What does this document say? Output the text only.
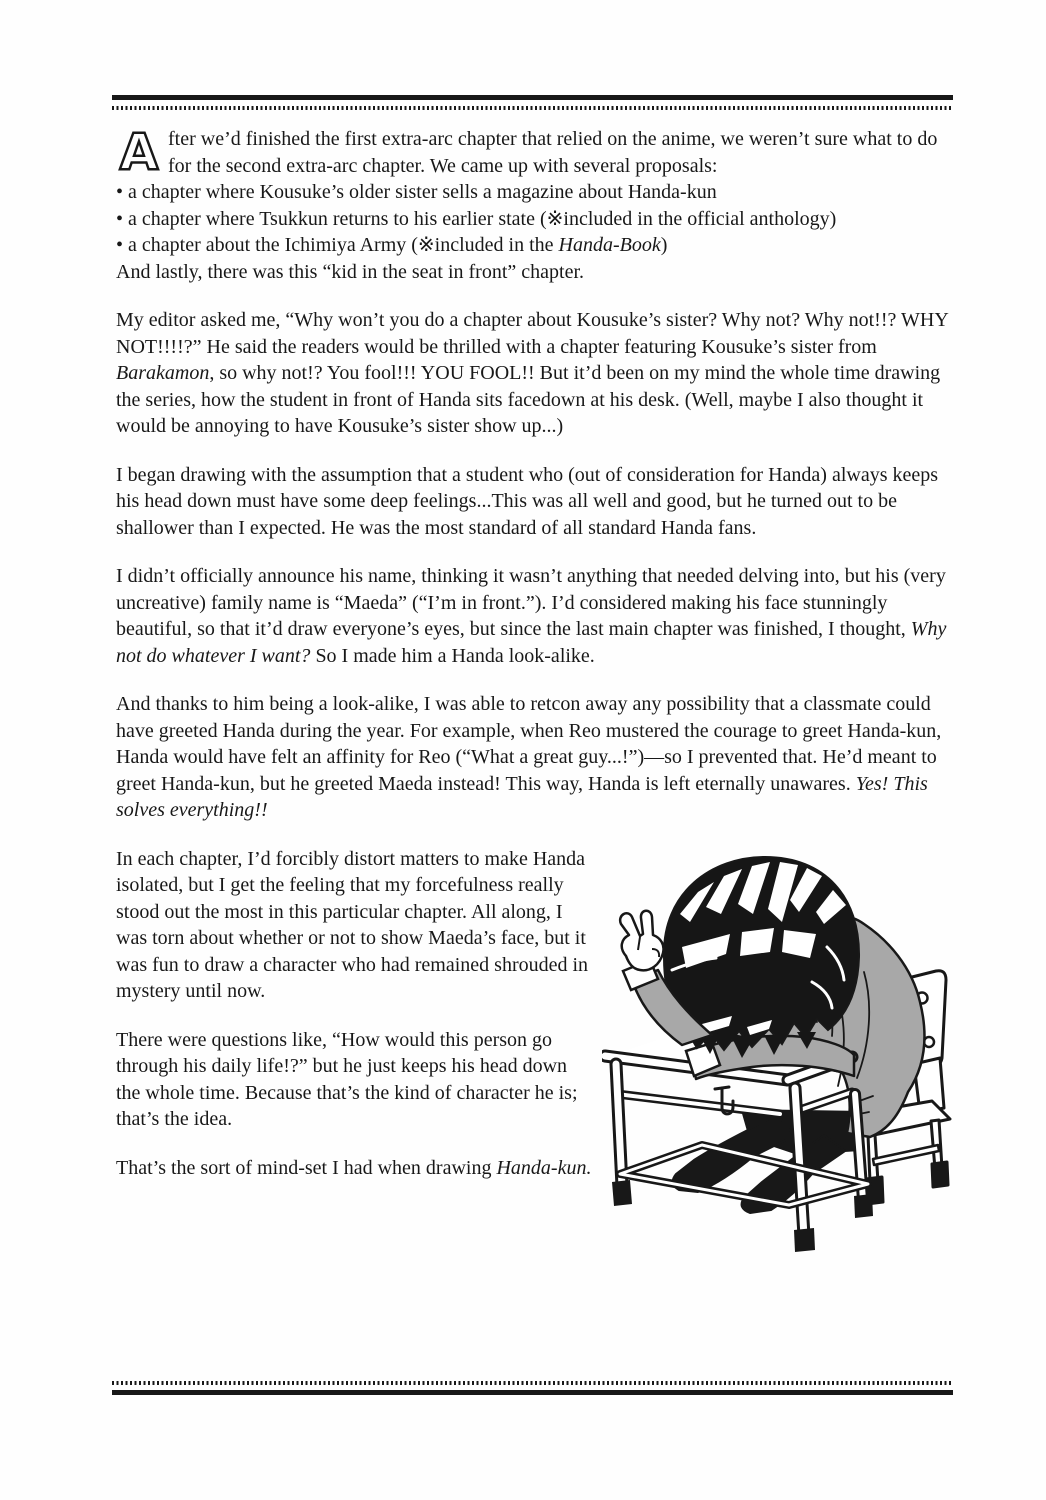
After we’d finished the first extra-arc chapter that relied on the anime, we weren’t sure what to do for the second extra-arc chapter. We came up with several proposals:

• a chapter where Kousuke’s older sister sells a magazine about Handa-kun
• a chapter where Tsukkun returns to his earlier state (※included in the official anthology)
• a chapter about the Ichimiya Army (※included in the Handa-Book)

And lastly, there was this “kid in the seat in front” chapter.

My editor asked me, “Why won’t you do a chapter about Kousuke’s sister? Why not? Why not!!? WHY NOT!!!!?” He said the readers would be thrilled with a chapter featuring Kousuke’s sister from Barakamon, so why not!? You fool!!! YOU FOOL!! But it’d been on my mind the whole time drawing the series, how the student in front of Handa sits facedown at his desk. (Well, maybe I also thought it would be annoying to have Kousuke’s sister show up...)

I began drawing with the assumption that a student who (out of consideration for Handa) always keeps his head down must have some deep feelings...This was all well and good, but he turned out to be shallower than I expected. He was the most standard of all standard Handa fans.

I didn’t officially announce his name, thinking it wasn’t anything that needed delving into, but his (very uncreative) family name is “Maeda” (“I’m in front.”). I’d considered making his face stunningly beautiful, so that it’d draw everyone’s eyes, but since the last main chapter was finished, I thought, Why not do whatever I want? So I made him a Handa look-alike.

And thanks to him being a look-alike, I was able to retcon away any possibility that a classmate could have greeted Handa during the year. For example, when Reo mustered the courage to greet Handa-kun, Handa would have felt an affinity for Reo (“What a great guy...!”)—so I prevented that. He’d meant to greet Handa-kun, but he greeted Maeda instead! This way, Handa is left eternally unawares. Yes! This solves everything!!

In each chapter, I’d forcibly distort matters to make Handa isolated, but I get the feeling that my forcefulness really stood out the most in this particular chapter. All along, I was torn about whether or not to show Maeda’s face, but it was fun to draw a character who had remained shrouded in mystery until now.

There were questions like, “How would this person go through his daily life!?” but he just keeps his head down the whole time. Because that’s the kind of character he is; that’s the idea.

That’s the sort of mind-set I had when drawing Handa-kun.
